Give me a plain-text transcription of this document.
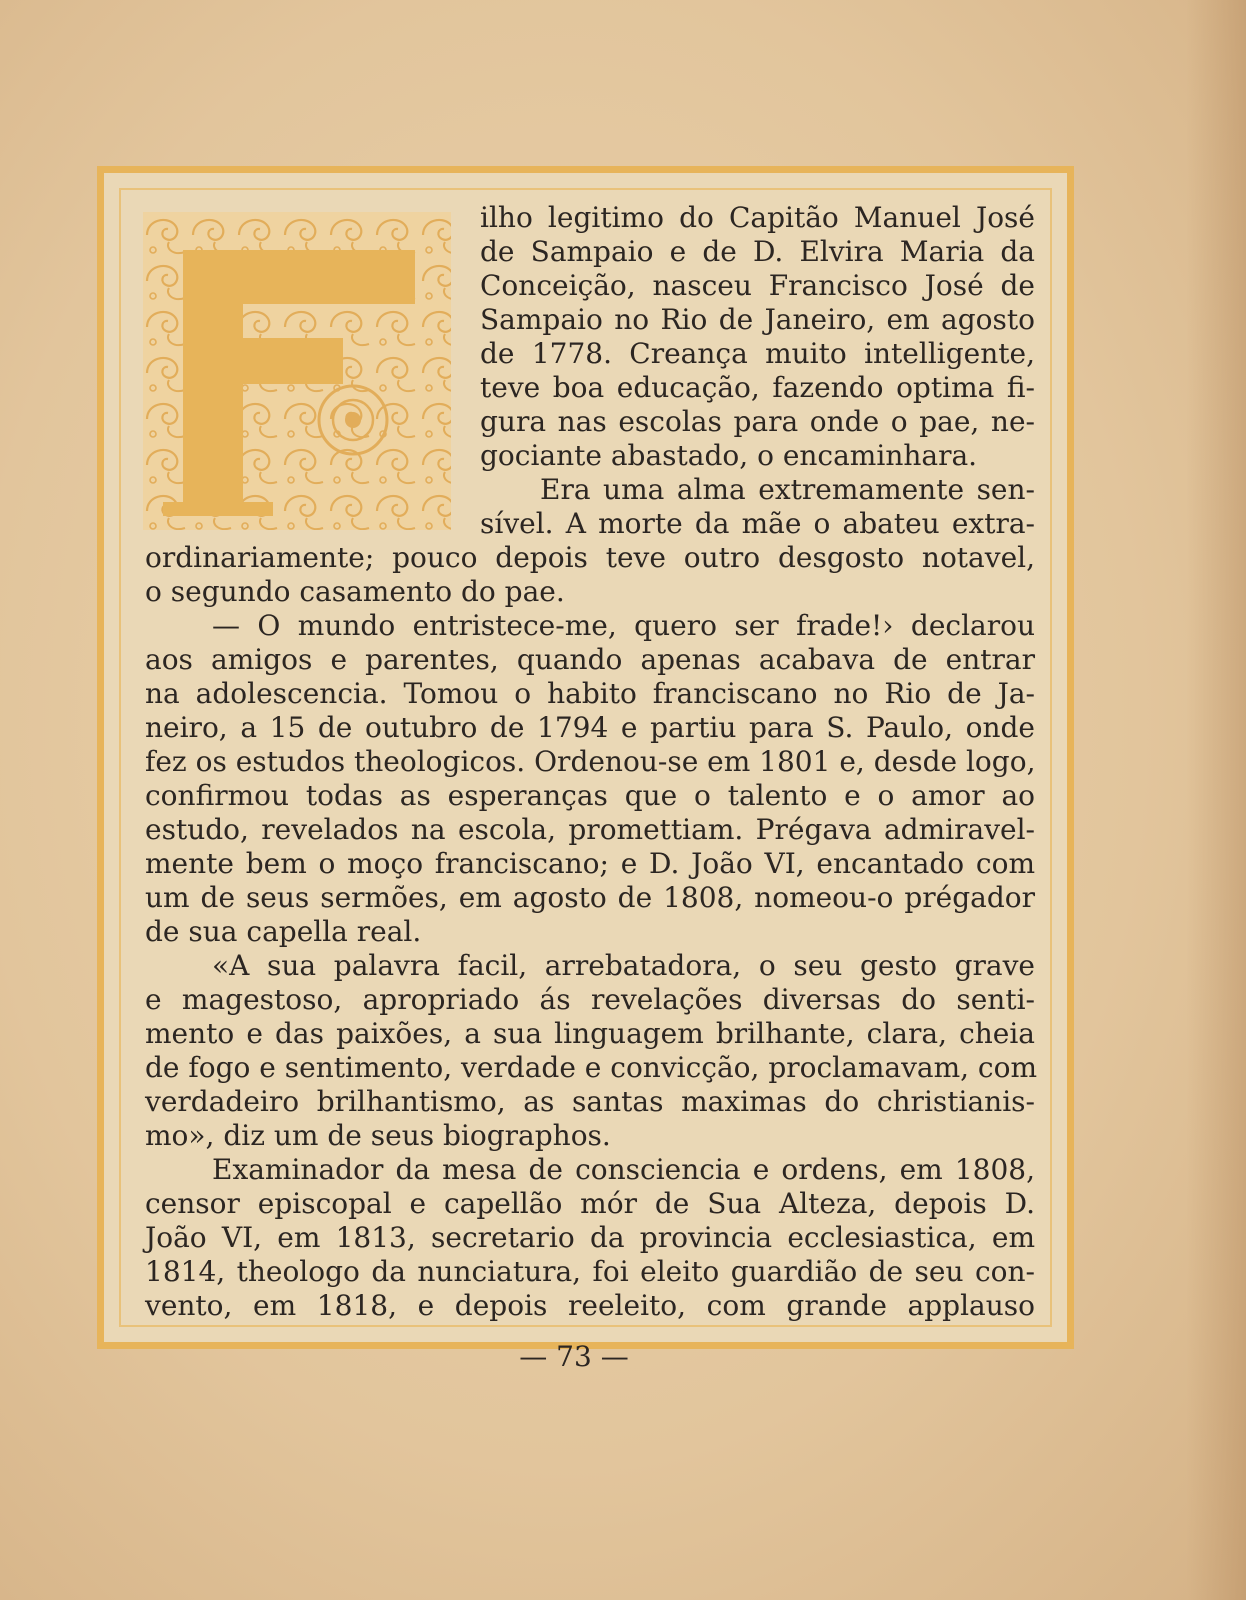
ilho legitimo do Capitão Manuel José
de Sampaio e de D. Elvira Maria da
Conceição, nasceu Francisco José de
Sampaio no Rio de Janeiro, em agosto
de 1778. Creança muito intelligente,
teve boa educação, fazendo optima fi-
gura nas escolas para onde o pae, ne-
gociante abastado, o encaminhara.
Era uma alma extremamente sen-
sível. A morte da mãe o abateu extra-
ordinariamente; pouco depois teve outro desgosto notavel,
o segundo casamento do pae.
— O mundo entristece-me, quero ser frade!› declarou
aos amigos e parentes, quando apenas acabava de entrar
na adolescencia. Tomou o habito franciscano no Rio de Ja-
neiro, a 15 de outubro de 1794 e partiu para S. Paulo, onde
fez os estudos theologicos. Ordenou-se em 1801 e, desde logo,
confirmou todas as esperanças que o talento e o amor ao
estudo, revelados na escola, promettiam. Prégava admiravel-
mente bem o moço franciscano; e D. João VI, encantado com
um de seus sermões, em agosto de 1808, nomeou-o prégador
de sua capella real.
«A sua palavra facil, arrebatadora, o seu gesto grave
e magestoso, apropriado ás revelações diversas do senti-
mento e das paixões, a sua linguagem brilhante, clara, cheia
de fogo e sentimento, verdade e convicção, proclamavam, com
verdadeiro brilhantismo, as santas maximas do christianis-
mo», diz um de seus biographos.
Examinador da mesa de consciencia e ordens, em 1808,
censor episcopal e capellão mór de Sua Alteza, depois D.
João VI, em 1813, secretario da provincia ecclesiastica, em
1814, theologo da nunciatura, foi eleito guardião de seu con-
vento, em 1818, e depois reeleito, com grande applauso
— 73 —
